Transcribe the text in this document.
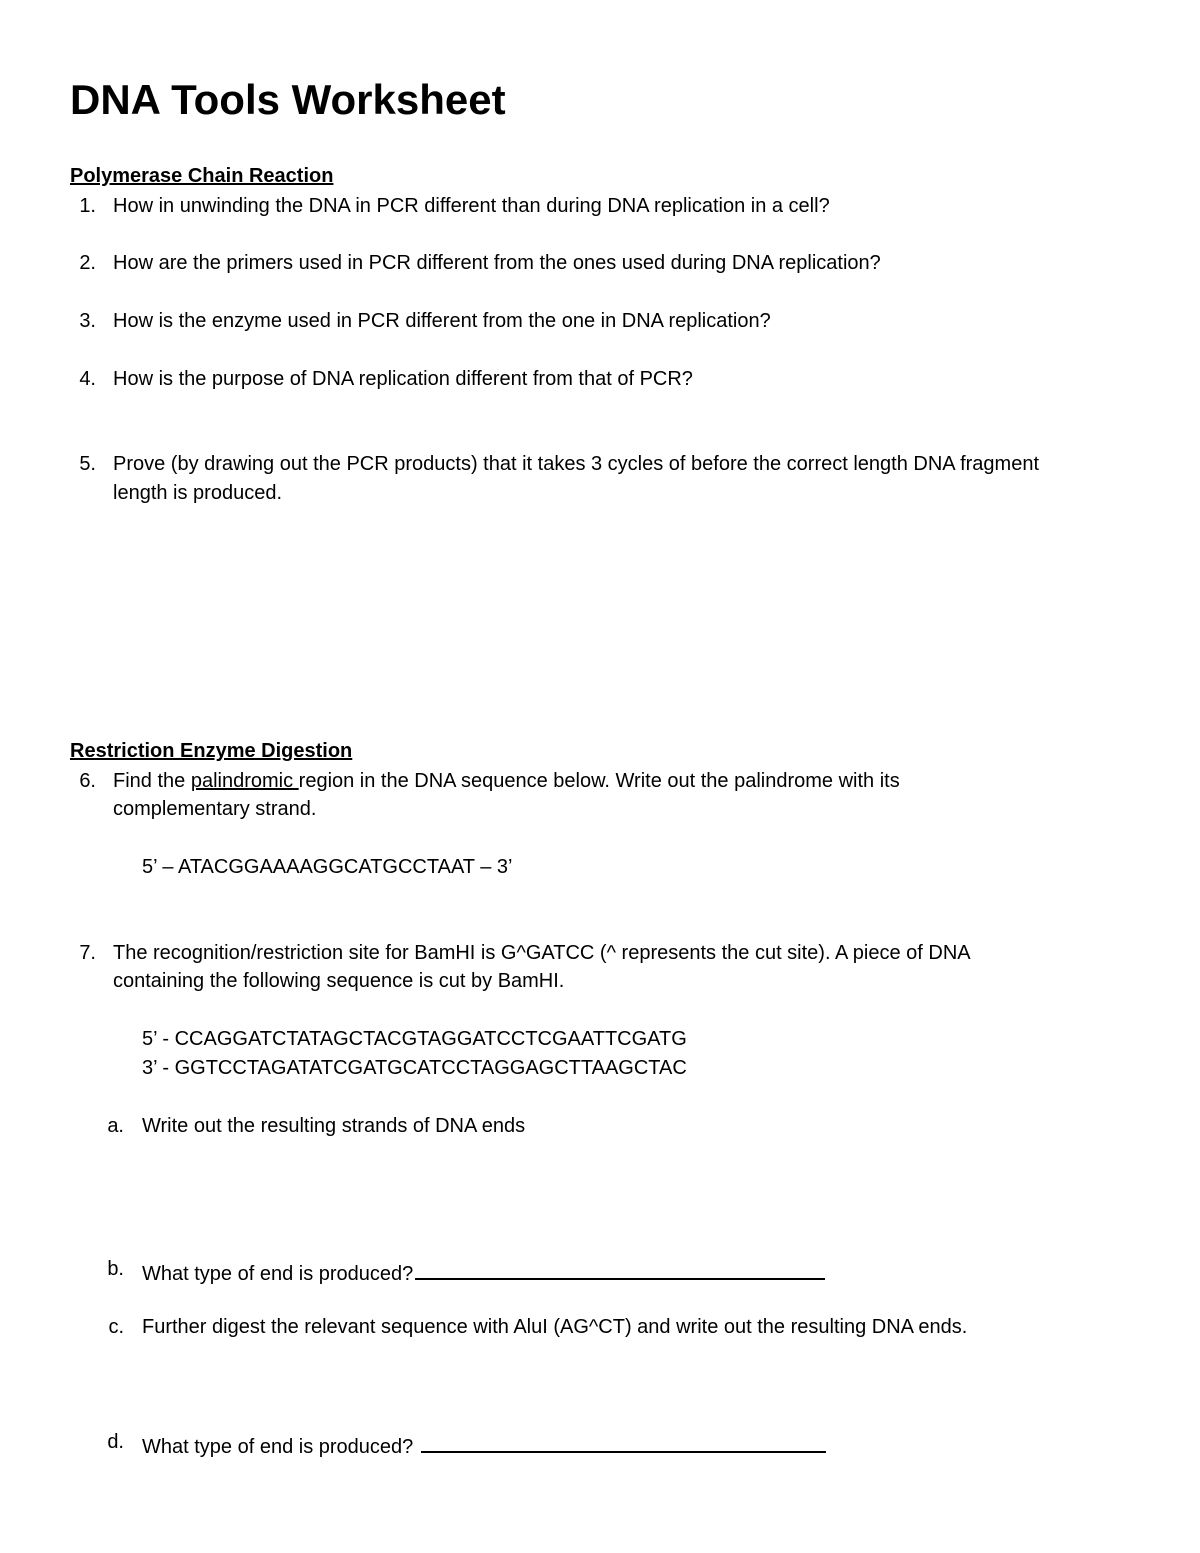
DNA Tools Worksheet
Polymerase Chain Reaction
1. How in unwinding the DNA in PCR different than during DNA replication in a cell?
2. How are the primers used in PCR different from the ones used during DNA replication?
3. How is the enzyme used in PCR different from the one in DNA replication?
4. How is the purpose of DNA replication different from that of PCR?
5. Prove (by drawing out the PCR products) that it takes 3 cycles of before the correct length DNA fragment
length is produced.
Restriction Enzyme Digestion
6. Find the palindromic region in the DNA sequence below. Write out the palindrome with its
complementary strand.
5’ – ATACGGAAAAGGCATGCCTAAT – 3’
7. The recognition/restriction site for BamHI is G^GATCC (^ represents the cut site). A piece of DNA
containing the following sequence is cut by BamHI.
5’ - CCAGGATCTATAGCTACGTAGGATCCTCGAATTCGATG
3’ - GGTCCTAGATATCGATGCATCCTAGGAGCTTAAGCTAC
a. Write out the resulting strands of DNA ends
b. What type of end is produced?
c. Further digest the relevant sequence with AluI (AG^CT) and write out the resulting DNA ends.
d. What type of end is produced?
